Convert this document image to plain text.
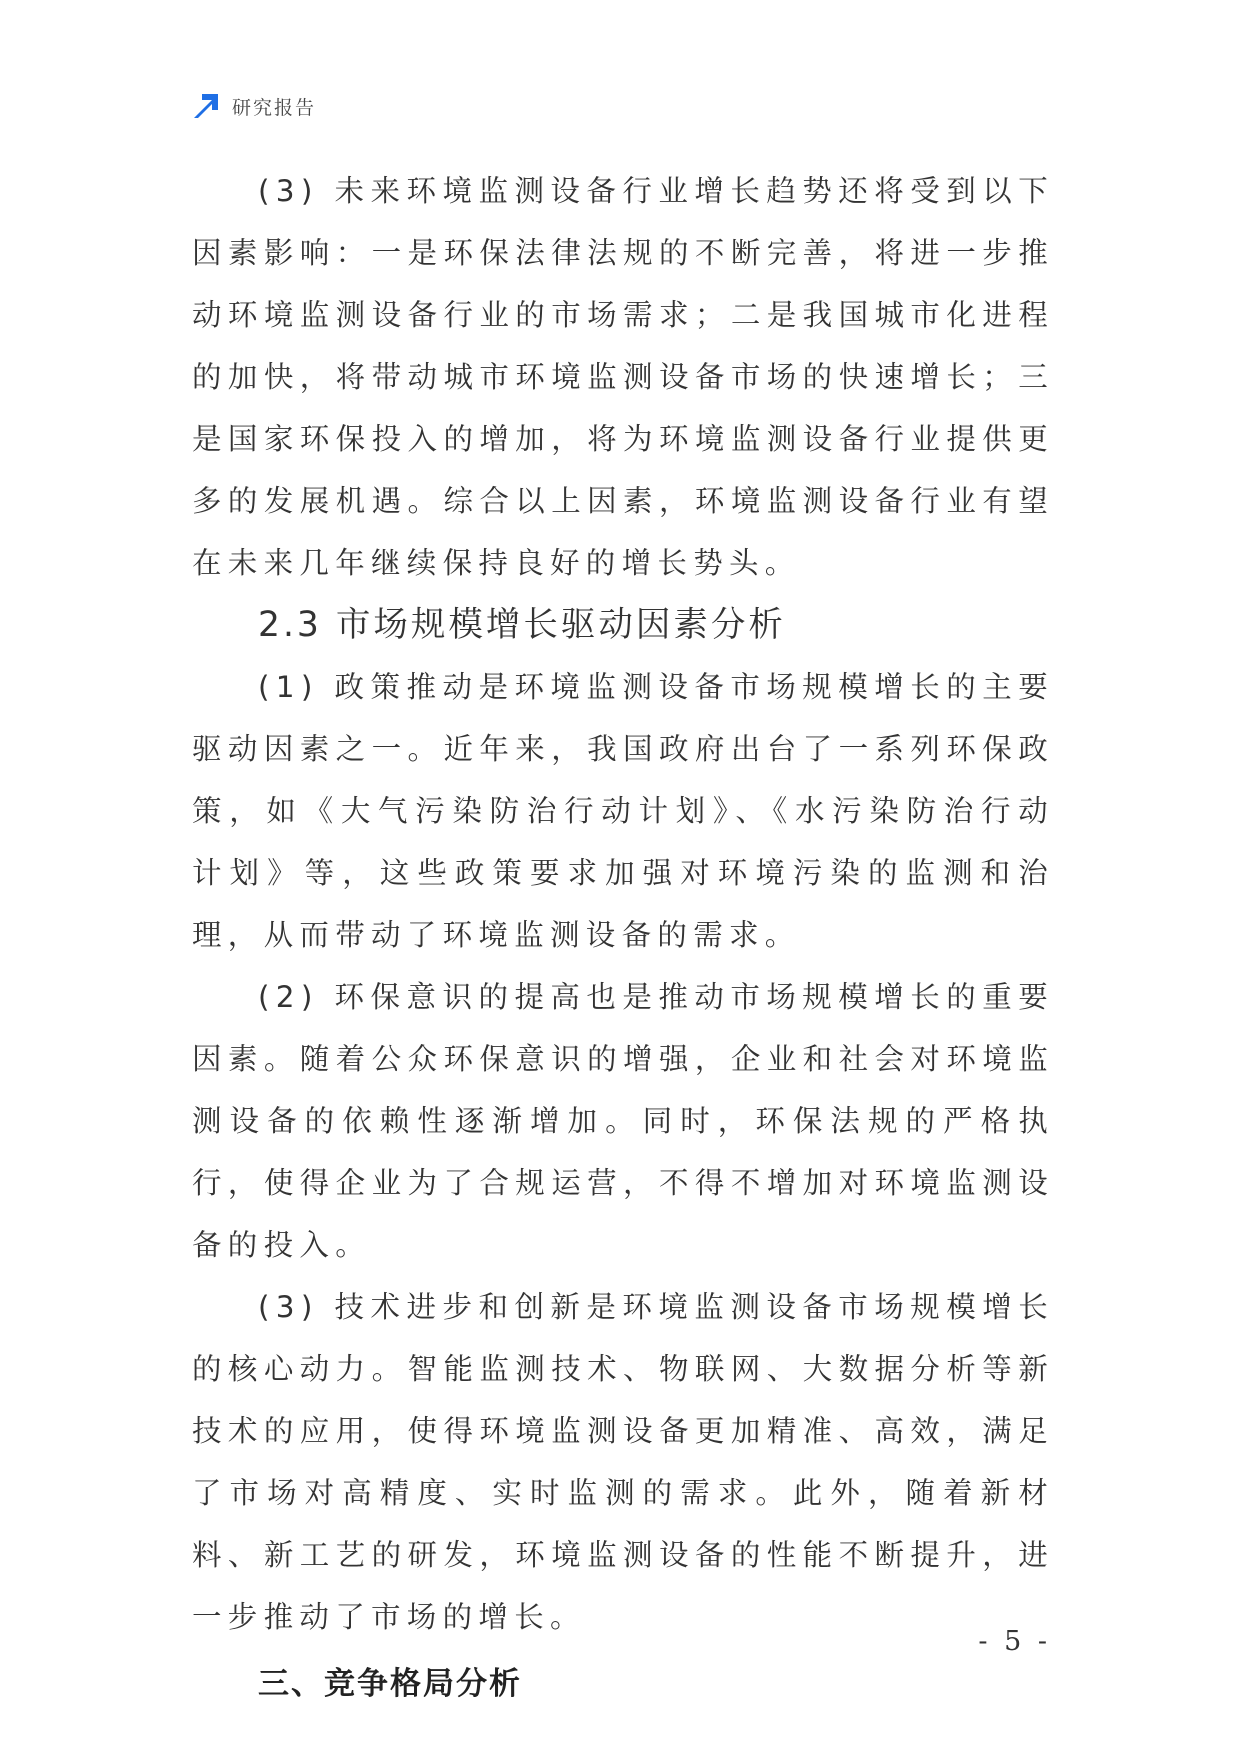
研究报告

(3) 未来环境监测设备行业增长趋势还将受到以下因素影响：一是环保法律法规的不断完善，将进一步推动环境监测设备行业的市场需求；二是我国城市化进程的加快，将带动城市环境监测设备市场的快速增长；三是国家环保投入的增加，将为环境监测设备行业提供更多的发展机遇。综合以上因素，环境监测设备行业有望在未来几年继续保持良好的增长势头。

2.3 市场规模增长驱动因素分析

(1) 政策推动是环境监测设备市场规模增长的主要驱动因素之一。近年来，我国政府出台了一系列环保政策，如《大气污染防治行动计划》、《水污染防治行动计划》等，这些政策要求加强对环境污染的监测和治理，从而带动了环境监测设备的需求。

(2) 环保意识的提高也是推动市场规模增长的重要因素。随着公众环保意识的增强，企业和社会对环境监测设备的依赖性逐渐增加。同时，环保法规的严格执行，使得企业为了合规运营，不得不增加对环境监测设备的投入。

(3) 技术进步和创新是环境监测设备市场规模增长的核心动力。智能监测技术、物联网、大数据分析等新技术的应用，使得环境监测设备更加精准、高效，满足了市场对高精度、实时监测的需求。此外，随着新材料、新工艺的研发，环境监测设备的性能不断提升，进一步推动了市场的增长。

三、竞争格局分析
- 5 -
